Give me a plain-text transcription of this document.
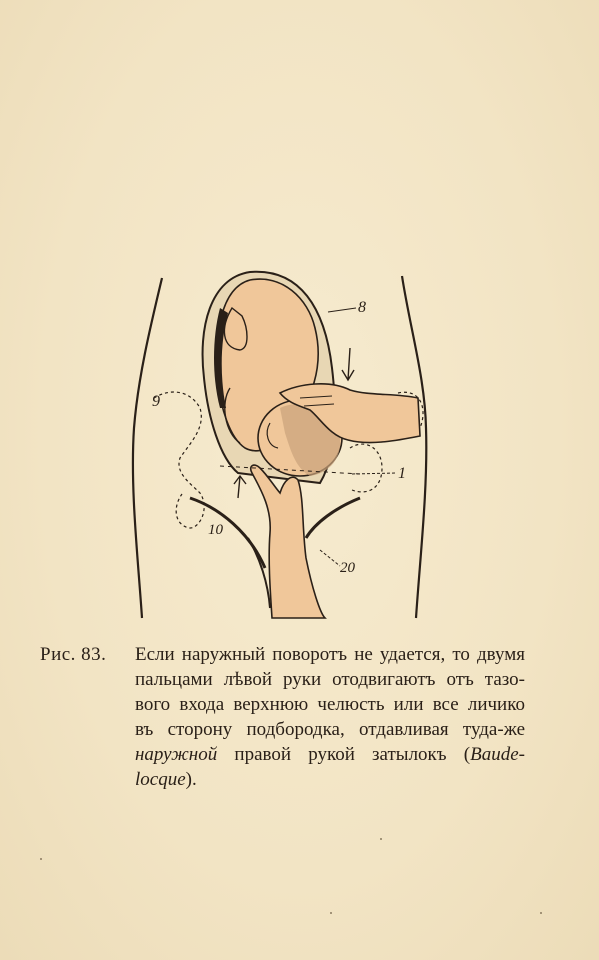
8
9
1
10
20
Рис. 83.	Если наружный поворотъ не удается, то двумя
пальцами лѣвой руки отодвигаютъ отъ тазо-
вого входа верхнюю челюсть или все личико
въ сторону подбородка, отдавливая туда-же
наружной правой рукой затылокъ (Baude-
locque).
